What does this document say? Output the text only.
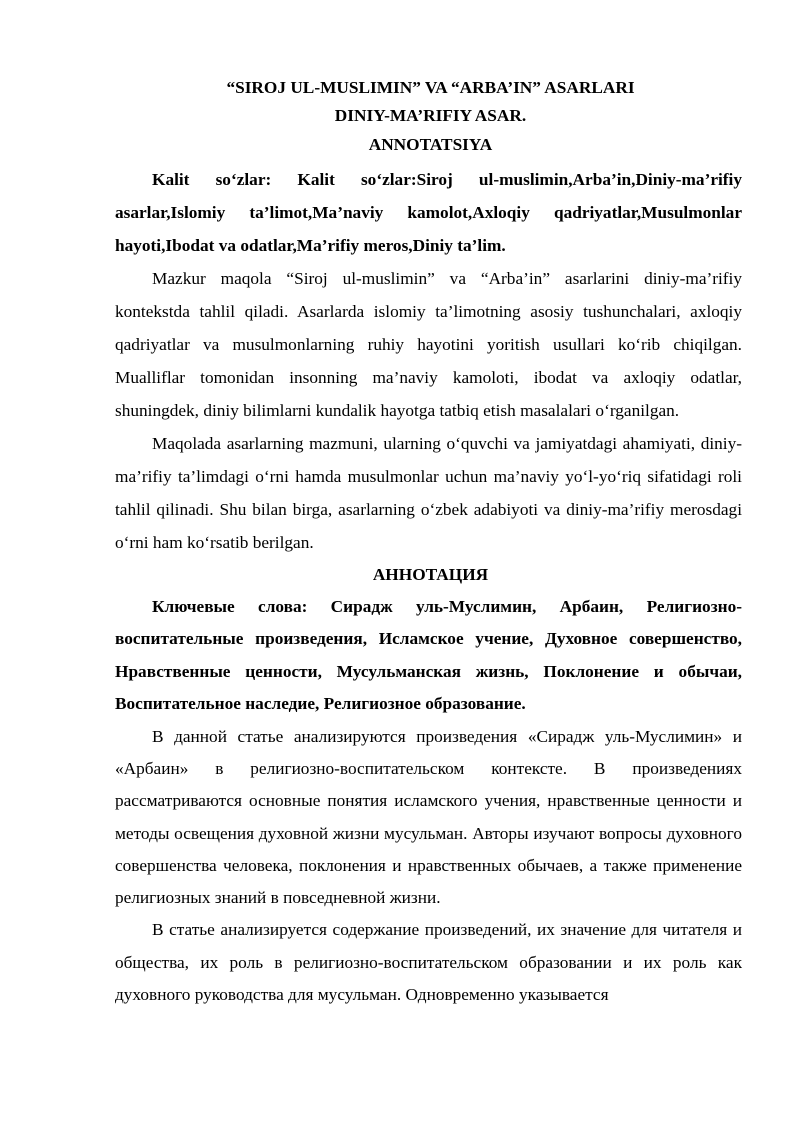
“SIROJ UL-MUSLIMIN” VA “ARBA’IN” ASARLARI
DINIY-MA’RIFIY ASAR.
ANNOTATSIYA

Kalit so‘zlar: Kalit so‘zlar:Siroj ul-muslimin,Arba’in,Diniy-ma’rifiy asarlar,Islomiy ta’limot,Ma’naviy kamolot,Axloqiy qadriyatlar,Musulmonlar hayoti,Ibodat va odatlar,Ma’rifiy meros,Diniy ta’lim.

Mazkur maqola “Siroj ul-muslimin” va “Arba’in” asarlarini diniy-ma’rifiy kontekstda tahlil qiladi. Asarlarda islomiy ta’limotning asosiy tushunchalari, axloqiy qadriyatlar va musulmonlarning ruhiy hayotini yoritish usullari ko‘rib chiqilgan. Mualliflar tomonidan insonning ma’naviy kamoloti, ibodat va axloqiy odatlar, shuningdek, diniy bilimlarni kundalik hayotga tatbiq etish masalalari o‘rganilgan.

Maqolada asarlarning mazmuni, ularning o‘quvchi va jamiyatdagi ahamiyati, diniy-ma’rifiy ta’limdagi o‘rni hamda musulmonlar uchun ma’naviy yo‘l-yo‘riq sifatidagi roli tahlil qilinadi. Shu bilan birga, asarlarning o‘zbek adabiyoti va diniy-ma’rifiy merosdagi o‘rni ham ko‘rsatib berilgan.

АННОТАЦИЯ

Ключевые слова: Сирадж уль-Муслимин, Арбаин, Религиозно-воспитательные произведения, Исламское учение, Духовное совершенство, Нравственные ценности, Мусульманская жизнь, Поклонение и обычаи, Воспитательное наследие, Религиозное образование.

В данной статье анализируются произведения «Сирадж уль-Муслимин» и «Арбаин» в религиозно-воспитательском контексте. В произведениях рассматриваются основные понятия исламского учения, нравственные ценности и методы освещения духовной жизни мусульман. Авторы изучают вопросы духовного совершенства человека, поклонения и нравственных обычаев, а также применение религиозных знаний в повседневной жизни.

В статье анализируется содержание произведений, их значение для читателя и общества, их роль в религиозно-воспитательском образовании и их роль как духовного руководства для мусульман. Одновременно указывается
